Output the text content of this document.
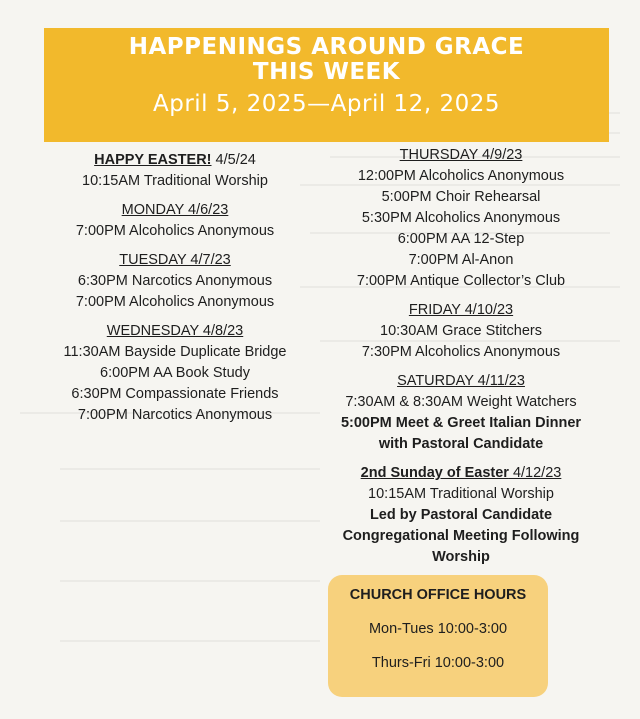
HAPPENINGS AROUND GRACE
THIS WEEK
April 5, 2025—April 12, 2025
HAPPY EASTER! 4/5/24
10:15AM Traditional Worship
MONDAY 4/6/23
7:00PM Alcoholics Anonymous
TUESDAY 4/7/23
6:30PM Narcotics Anonymous
7:00PM Alcoholics Anonymous
WEDNESDAY 4/8/23
11:30AM Bayside Duplicate Bridge
6:00PM AA Book Study
6:30PM Compassionate Friends
7:00PM Narcotics Anonymous
THURSDAY 4/9/23
12:00PM Alcoholics Anonymous
5:00PM Choir Rehearsal
5:30PM Alcoholics Anonymous
6:00PM AA 12-Step
7:00PM Al-Anon
7:00PM Antique Collector’s Club
FRIDAY 4/10/23
10:30AM Grace Stitchers
7:30PM Alcoholics Anonymous
SATURDAY 4/11/23
7:30AM & 8:30AM Weight Watchers
5:00PM Meet & Greet Italian Dinner
with Pastoral Candidate
2nd Sunday of Easter 4/12/23
10:15AM Traditional Worship
Led by Pastoral Candidate
Congregational Meeting Following
Worship
CHURCH OFFICE HOURS
Mon-Tues 10:00-3:00
Thurs-Fri 10:00-3:00
